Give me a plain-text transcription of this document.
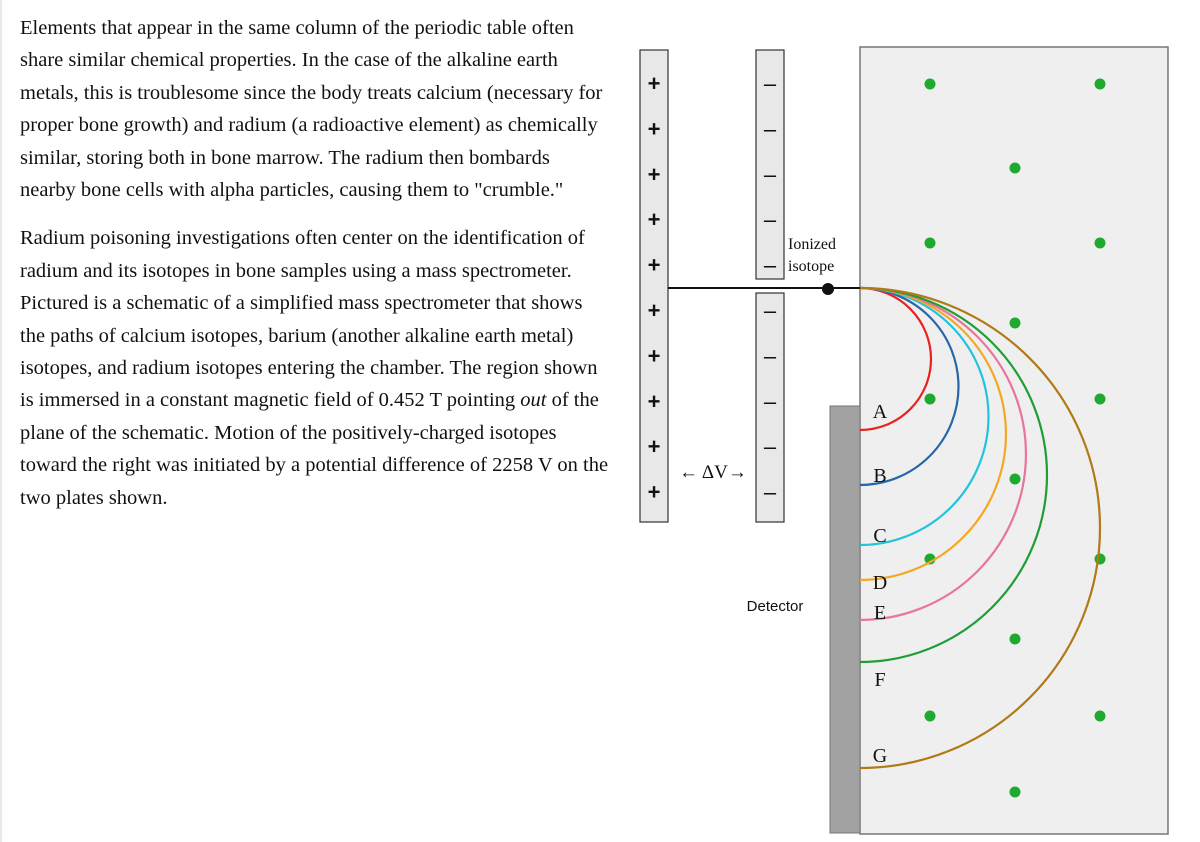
Elements that appear in the same column of the periodic table often share similar chemical properties. In the case of the alkaline earth metals, this is troublesome since the body treats calcium (necessary for proper bone growth) and radium (a radioactive element) as chemically similar, storing both in bone marrow. The radium then bombards nearby bone cells with alpha particles, causing them to "crumble."

Radium poisoning investigations often center on the identification of radium and its isotopes in bone samples using a mass spectrometer. Pictured is a schematic of a simplified mass spectrometer that shows the paths of calcium isotopes, barium (another alkaline earth metal) isotopes, and radium isotopes entering the chamber. The region shown is immersed in a constant magnetic field of 0.452 T pointing out of the plane of the schematic. Motion of the positively-charged isotopes toward the right was initiated by a potential difference of 2258 V on the two plates shown.

+
+
+
+
+
+
+
+
+
+
–
–
–
–
–
–
–
–
–
–
← ΔV→
Ionized
isotope
Detector
A
B
C
D
E
F
G
